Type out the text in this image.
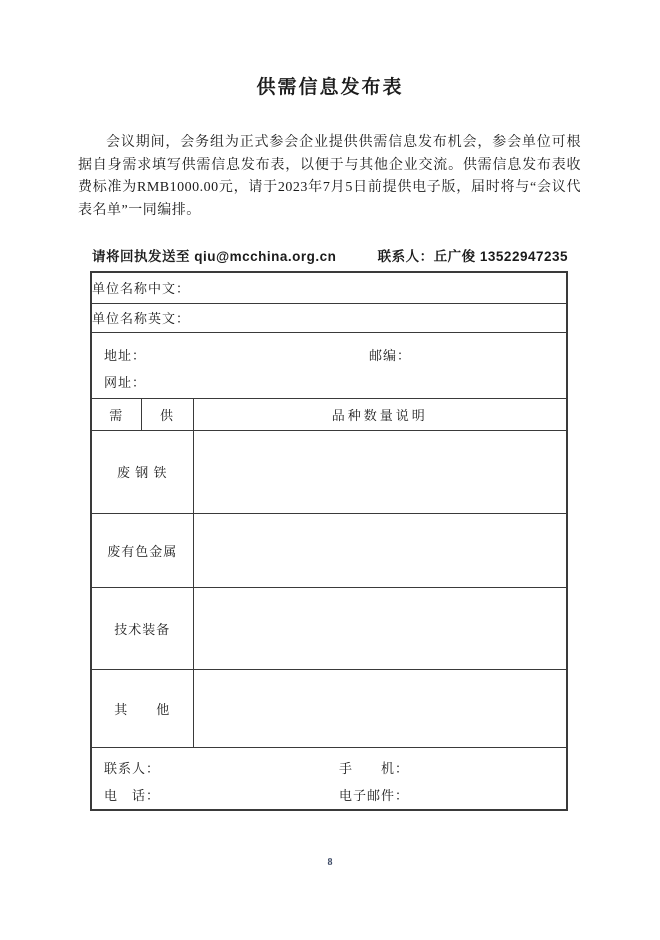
供需信息发布表
会议期间，会务组为正式参会企业提供供需信息发布机会，参会单位可根据自身需求填写供需信息发布表，以便于与其他企业交流。供需信息发布表收费标准为RMB1000.00元，请于2023年7月5日前提供电子版，届时将与“会议代表名单”一同编排。
请将回执发送至 qiu@mcchina.org.cn	联系人：丘广俊 13522947235
单位名称中文：		
单位名称英文：		

地址： 邮编：
网址：		

需	供	品种数量说明
废 钢 铁		
废有色金属		
技术装备		
其　　他		

联系人： 手　　机：
电　话： 电子邮件：		
8
